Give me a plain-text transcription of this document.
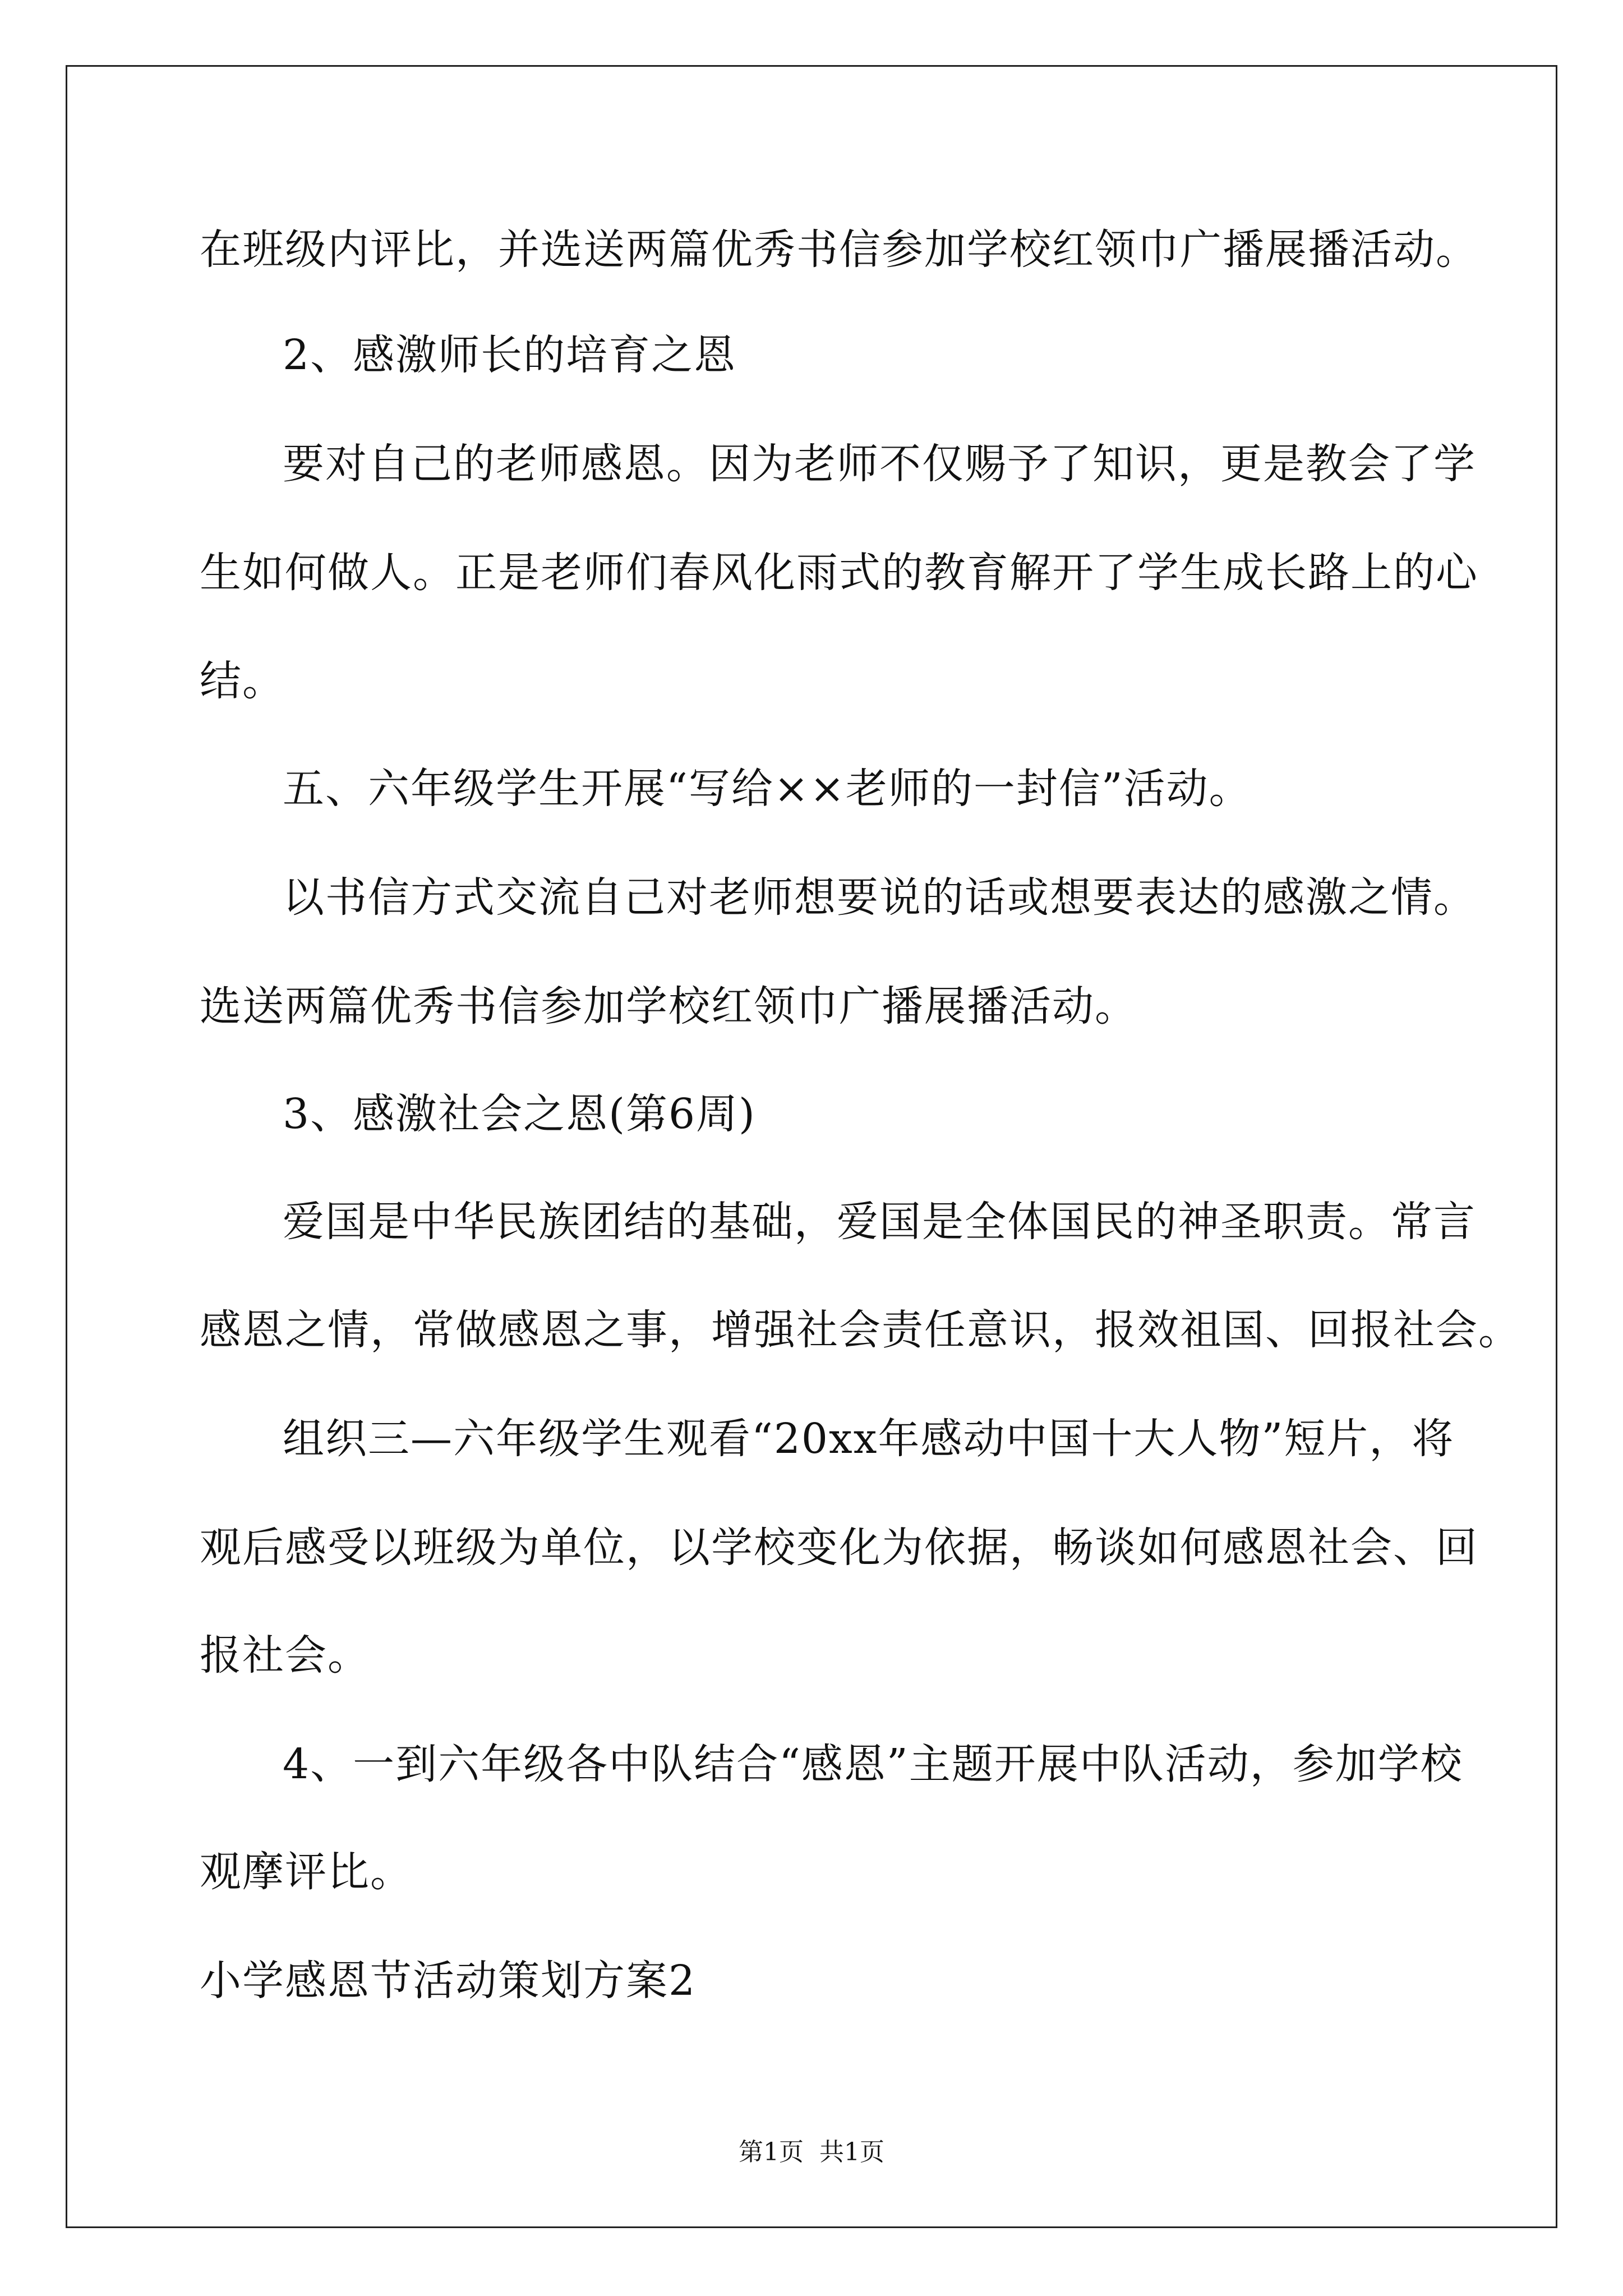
在班级内评比，并选送两篇优秀书信参加学校红领巾广播展播活动。
2、感激师长的培育之恩
要对自己的老师感恩。因为老师不仅赐予了知识，更是教会了学
生如何做人。正是老师们春风化雨式的教育解开了学生成长路上的心
结。
五、六年级学生开展“写给××老师的一封信”活动。
以书信方式交流自己对老师想要说的话或想要表达的感激之情。
选送两篇优秀书信参加学校红领巾广播展播活动。
3、感激社会之恩(第6周)
爱国是中华民族团结的基础，爱国是全体国民的神圣职责。常言
感恩之情，常做感恩之事，增强社会责任意识，报效祖国、回报社会。
组织三—六年级学生观看“20xx年感动中国十大人物”短片，将
观后感受以班级为单位，以学校变化为依据，畅谈如何感恩社会、回
报社会。
4、一到六年级各中队结合“感恩”主题开展中队活动，参加学校
观摩评比。
小学感恩节活动策划方案2
第1页  共1页
